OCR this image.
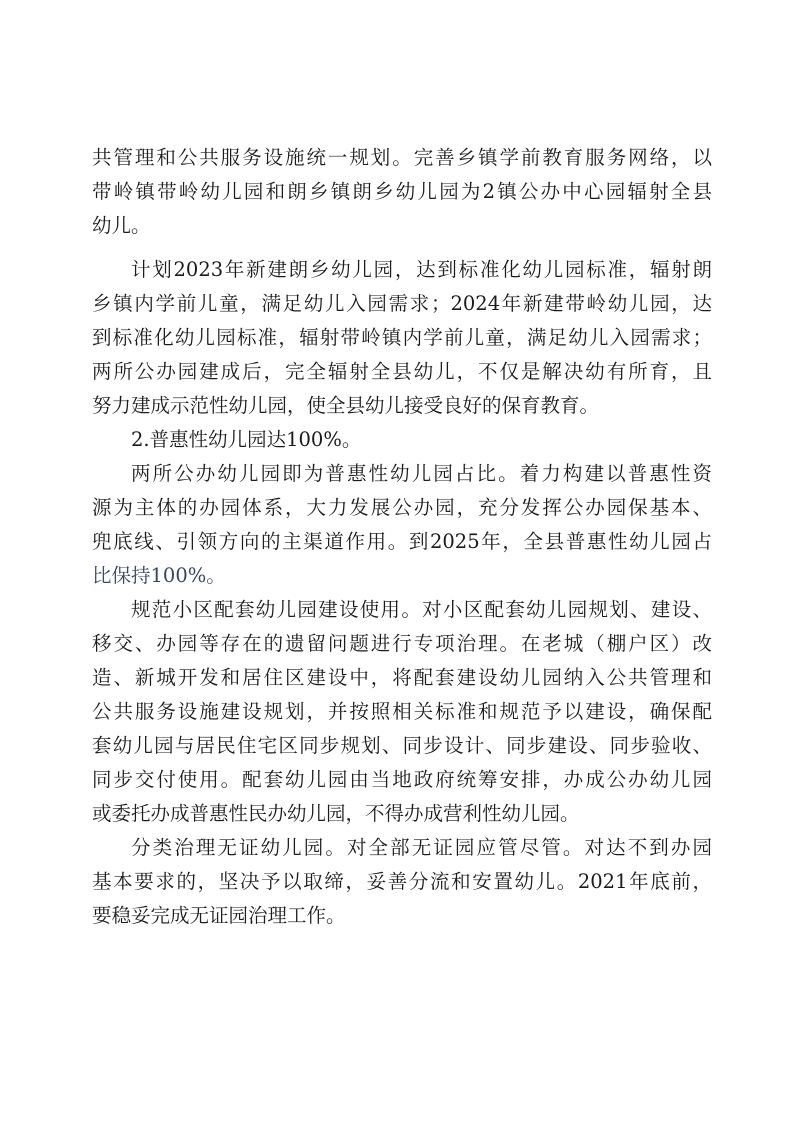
共管理和公共服务设施统一规划。完善乡镇学前教育服务网络，以
带岭镇带岭幼儿园和朗乡镇朗乡幼儿园为2镇公办中心园辐射全县
幼儿。
计划2023年新建朗乡幼儿园，达到标准化幼儿园标准，辐射朗
乡镇内学前儿童，满足幼儿入园需求；2024年新建带岭幼儿园，达
到标准化幼儿园标准，辐射带岭镇内学前儿童，满足幼儿入园需求；
两所公办园建成后，完全辐射全县幼儿，不仅是解决幼有所育，且
努力建成示范性幼儿园，使全县幼儿接受良好的保育教育。
2.普惠性幼儿园达100%。
两所公办幼儿园即为普惠性幼儿园占比。着力构建以普惠性资
源为主体的办园体系，大力发展公办园，充分发挥公办园保基本、
兜底线、引领方向的主渠道作用。到2025年，全县普惠性幼儿园占
比保持100%。
规范小区配套幼儿园建设使用。对小区配套幼儿园规划、建设、
移交、办园等存在的遗留问题进行专项治理。在老城（棚户区）改
造、新城开发和居住区建设中，将配套建设幼儿园纳入公共管理和
公共服务设施建设规划，并按照相关标准和规范予以建设，确保配
套幼儿园与居民住宅区同步规划、同步设计、同步建设、同步验收、
同步交付使用。配套幼儿园由当地政府统筹安排，办成公办幼儿园
或委托办成普惠性民办幼儿园，不得办成营利性幼儿园。
分类治理无证幼儿园。对全部无证园应管尽管。对达不到办园
基本要求的，坚决予以取缔，妥善分流和安置幼儿。2021年底前，
要稳妥完成无证园治理工作。
